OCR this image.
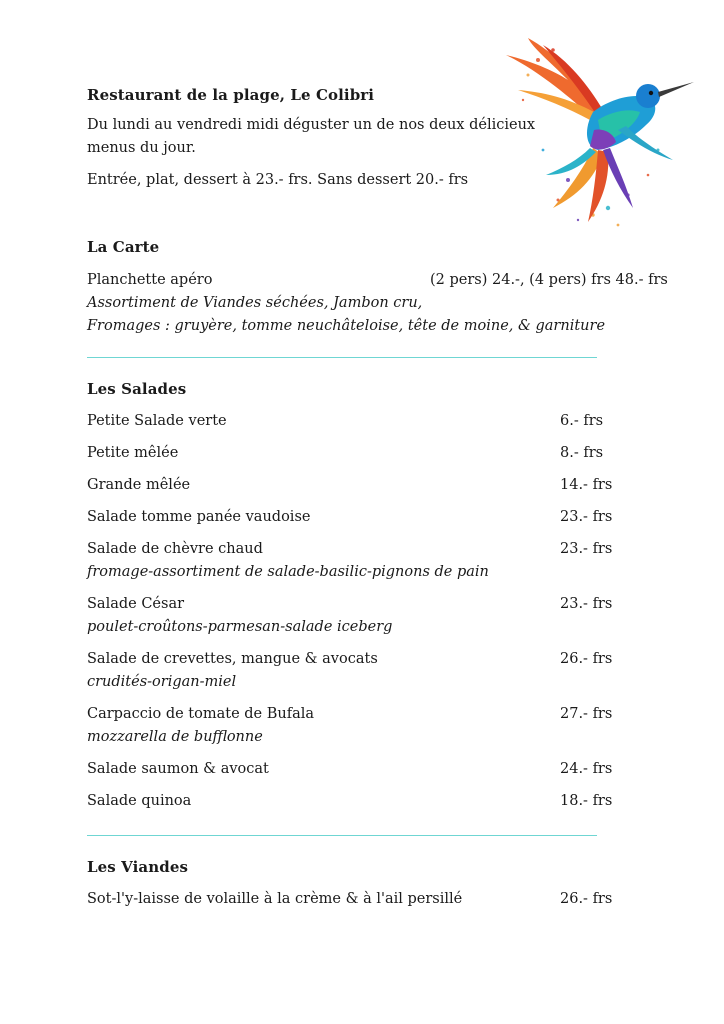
Restaurant de la plage, Le Colibri
Du lundi au vendredi midi déguster un de nos deux délicieux
menus du jour.
Entrée, plat, dessert à 23.- frs. Sans dessert 20.- frs
La Carte
Planchette apéro	(2 pers) 24.-, (4 pers) frs 48.- frs
Assortiment de Viandes séchées, Jambon cru,
Fromages : gruyère, tomme neuchâteloise, tête de moine, & garniture
Les Salades
Petite Salade verte	6.- frs
Petite mêlée	8.- frs
Grande mêlée	14.- frs
Salade tomme panée vaudoise	23.- frs
Salade de chèvre chaud	23.- frs
fromage-assortiment de salade-basilic-pignons de pain
Salade César	23.- frs
poulet-croûtons-parmesan-salade iceberg
Salade de crevettes, mangue & avocats	26.- frs
crudités-origan-miel
Carpaccio de tomate de Bufala	27.- frs
mozzarella de bufflonne
Salade saumon & avocat	24.- frs
Salade quinoa	18.- frs
Les Viandes
Sot-l'y-laisse de volaille à la crème & à l'ail persillé	26.- frs
